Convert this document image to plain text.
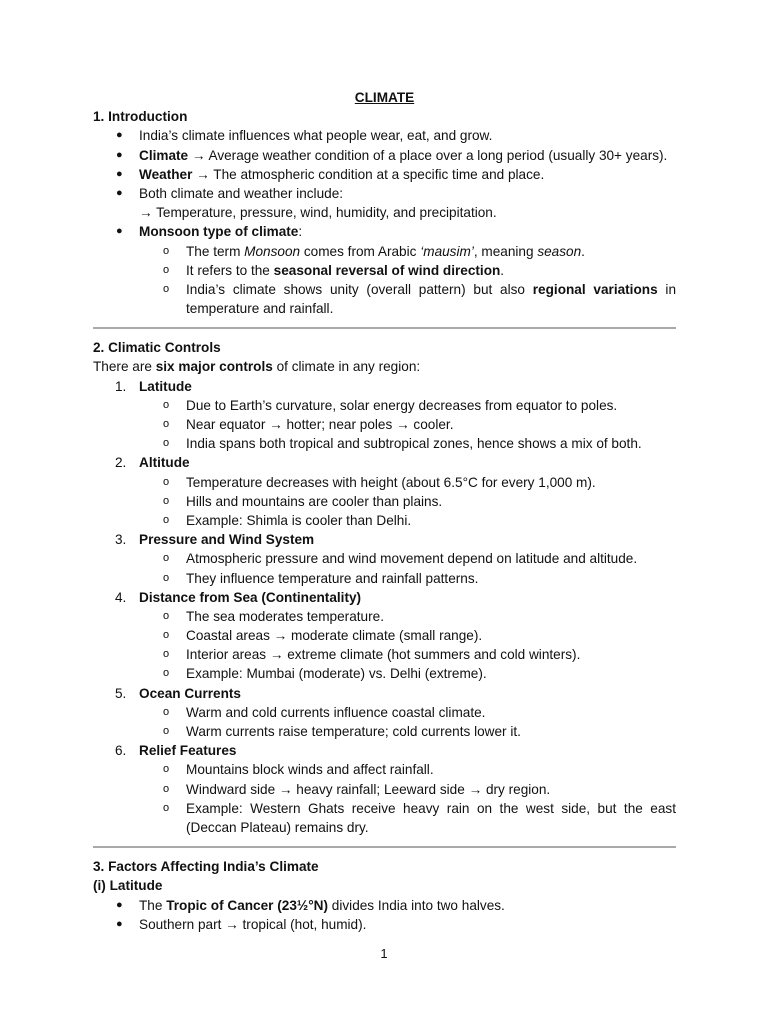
CLIMATE
1. Introduction
● India’s climate influences what people wear, eat, and grow.
● Climate → Average weather condition of a place over a long period (usually 30+ years).
● Weather → The atmospheric condition at a specific time and place.
● Both climate and weather include:
→ Temperature, pressure, wind, humidity, and precipitation.
● Monsoon type of climate:
o The term Monsoon comes from Arabic ‘mausim’, meaning season.
o It refers to the seasonal reversal of wind direction.
o India’s climate shows unity (overall pattern) but also regional variations in
temperature and rainfall.
2. Climatic Controls
There are six major controls of climate in any region:
1. Latitude
o Due to Earth’s curvature, solar energy decreases from equator to poles.
o Near equator → hotter; near poles → cooler.
o India spans both tropical and subtropical zones, hence shows a mix of both.
2. Altitude
o Temperature decreases with height (about 6.5°C for every 1,000 m).
o Hills and mountains are cooler than plains.
o Example: Shimla is cooler than Delhi.
3. Pressure and Wind System
o Atmospheric pressure and wind movement depend on latitude and altitude.
o They influence temperature and rainfall patterns.
4. Distance from Sea (Continentality)
o The sea moderates temperature.
o Coastal areas → moderate climate (small range).
o Interior areas → extreme climate (hot summers and cold winters).
o Example: Mumbai (moderate) vs. Delhi (extreme).
5. Ocean Currents
o Warm and cold currents influence coastal climate.
o Warm currents raise temperature; cold currents lower it.
6. Relief Features
o Mountains block winds and affect rainfall.
o Windward side → heavy rainfall; Leeward side → dry region.
o Example: Western Ghats receive heavy rain on the west side, but the east
(Deccan Plateau) remains dry.
3. Factors Affecting India’s Climate
(i) Latitude
● The Tropic of Cancer (23½°N) divides India into two halves.
● Southern part → tropical (hot, humid).
1
